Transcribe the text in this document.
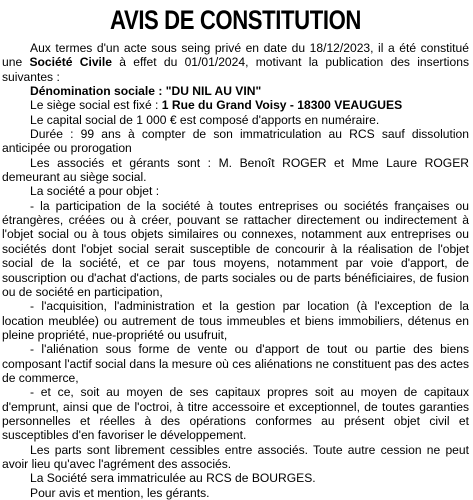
AVIS DE CONSTITUTION

Aux termes d'un acte sous seing privé en date du 18/12/2023, il a été constitué une Société Civile à effet du 01/01/2024, motivant la publication des insertions suivantes :

Dénomination sociale : "DU NIL AU VIN"

Le siège social est fixé : 1 Rue du Grand Voisy - 18300 VEAUGUES

Le capital social de 1 000 € est composé d'apports en numéraire.

Durée : 99 ans à compter de son immatriculation au RCS sauf dissolution anticipée ou prorogation

Les associés et gérants sont : M. Benoît ROGER et Mme Laure ROGER demeurant au siège social.

La société a pour objet :

- la participation de la société à toutes entreprises ou sociétés françaises ou étrangères, créées ou à créer, pouvant se rattacher directement ou indirectement à l'objet social ou à tous objets similaires ou connexes, notamment aux entreprises ou sociétés dont l'objet social serait susceptible de concourir à la réalisation de l'objet social de la société, et ce par tous moyens, notamment par voie d'apport, de souscription ou d'achat d'actions, de parts sociales ou de parts bénéficiaires, de fusion ou de société en participation,

- l'acquisition, l'administration et la gestion par location (à l'exception de la location meublée) ou autrement de tous immeubles et biens immobiliers, détenus en pleine propriété, nue-propriété ou usufruit,

- l'aliénation sous forme de vente ou d'apport de tout ou partie des biens composant l'actif social dans la mesure où ces aliénations ne constituent pas des actes de commerce,

- et ce, soit au moyen de ses capitaux propres soit au moyen de capitaux d'emprunt, ainsi que de l'octroi, à titre accessoire et exceptionnel, de toutes garanties personnelles et réelles à des opérations conformes au présent objet civil et susceptibles d'en favoriser le développement.

Les parts sont librement cessibles entre associés. Toute autre cession ne peut avoir lieu qu'avec l'agrément des associés.

La Société sera immatriculée au RCS de BOURGES.

Pour avis et mention, les gérants.
